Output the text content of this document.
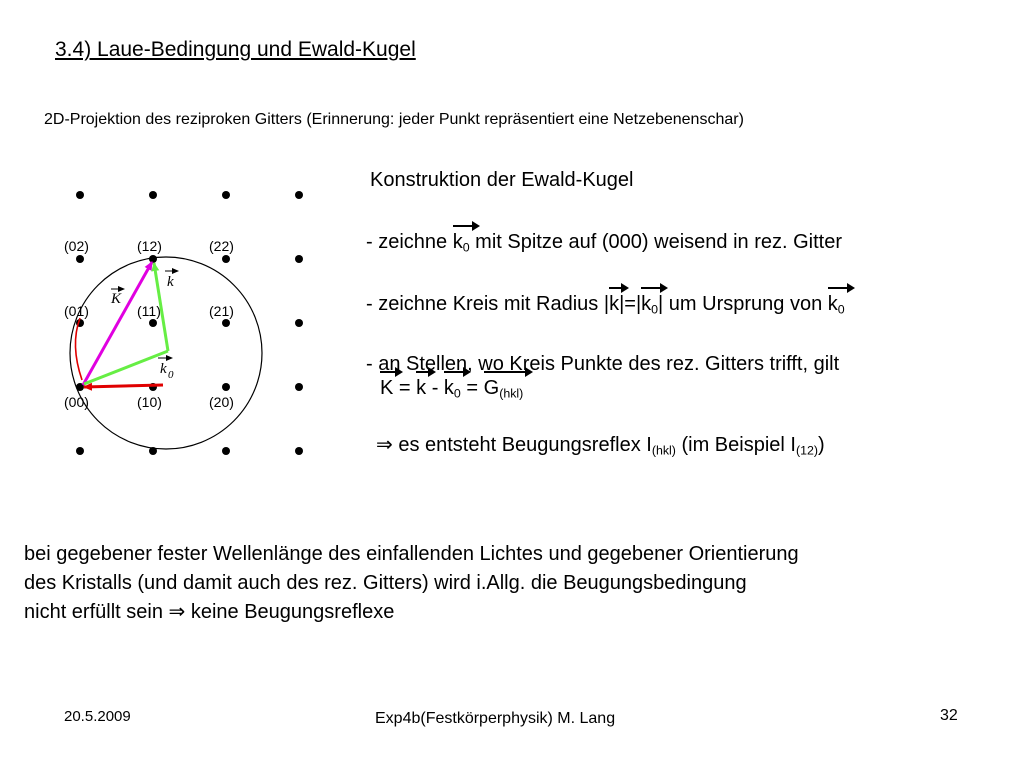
3.4) Laue-Bedingung und Ewald-Kugel
2D-Projektion des reziproken Gitters (Erinnerung: jeder Punkt repräsentiert eine Netzebenenschar)
(02)	(12)	(22)
(01)	(11)	(21)
(00)	(10)	(20)
K
k
k 0
Konstruktion der Ewald-Kugel
- zeichne $k_0$ mit Spitze auf (000) weisend in rez. Gitter
- zeichne Kreis mit Radius $|k|=|k_0|$ um Ursprung von $k_0$
- an Stellen, wo Kreis Punkte des rez. Gitters trifft, gilt
$K = k - k_0 = G_{(hkl)}$
⇒ es entsteht Beugungsreflex $I_{(hkl)}$ (im Beispiel $I_{(12)}$)
bei gegebener fester Wellenlänge des einfallenden Lichtes und gegebener Orientierung
des Kristalls (und damit auch des rez. Gitters) wird i.Allg. die Beugungsbedingung
nicht erfüllt sein ⇒ keine Beugungsreflexe
20.5.2009	Exp4b(Festkörperphysik) M. Lang	32
